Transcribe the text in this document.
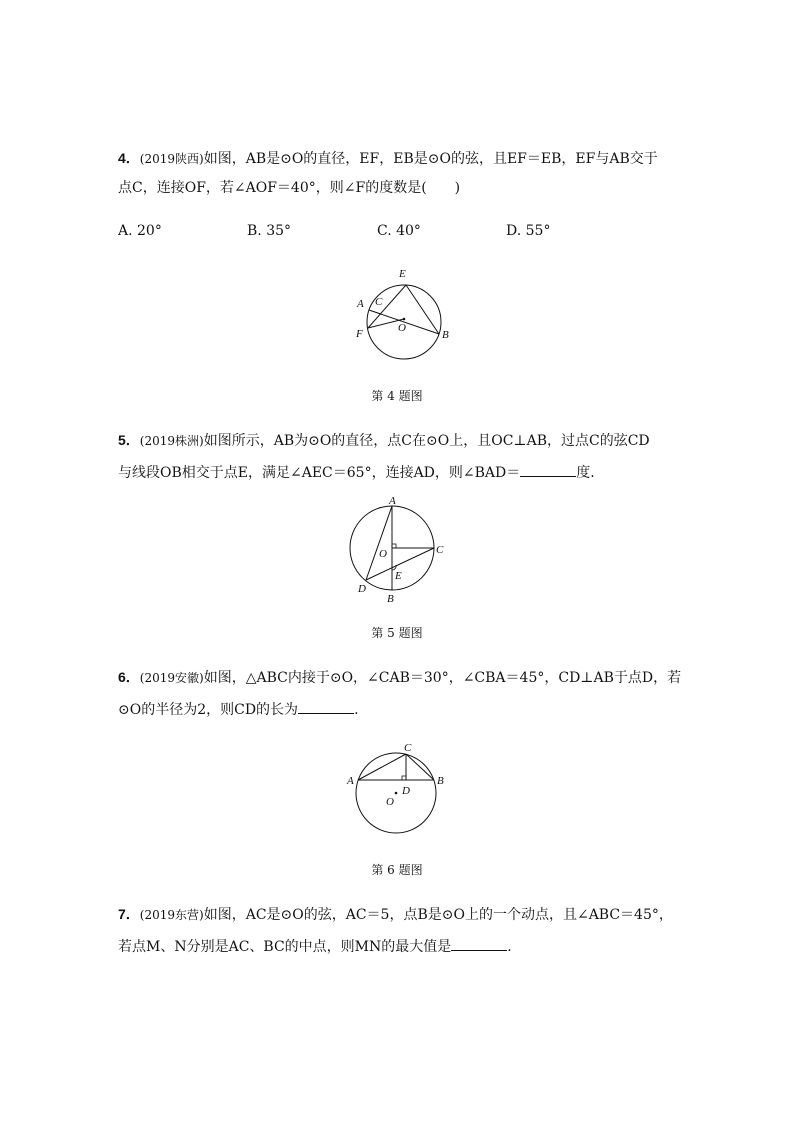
4．(2019陕西)如图，AB是⊙O的直径，EF，EB是⊙O的弦，且EF＝EB，EF与AB交于
点C，连接OF，若∠AOF＝40°，则∠F的度数是(　　)
A. 20°	B. 35°	C. 40°	D. 55°
E
A C
O
F	B
第 4 题图
5．(2019株洲)如图所示，AB为⊙O的直径，点C在⊙O上，且OC⊥AB，过点C的弦CD
与线段OB相交于点E，满足∠AEC＝65°，连接AD，则∠BAD＝	度.
A
O	C
E
D
B
第 5 题图
6．(2019安徽)如图，△ABC内接于⊙O，∠CAB＝30°，∠CBA＝45°，CD⊥AB于点D，若
⊙O的半径为2，则CD的长为	.
C
A	B
D
O
第 6 题图
7．(2019东营)如图，AC是⊙O的弦，AC＝5，点B是⊙O上的一个动点，且∠ABC＝45°，
若点M、N分别是AC、BC的中点，则MN的最大值是	.
